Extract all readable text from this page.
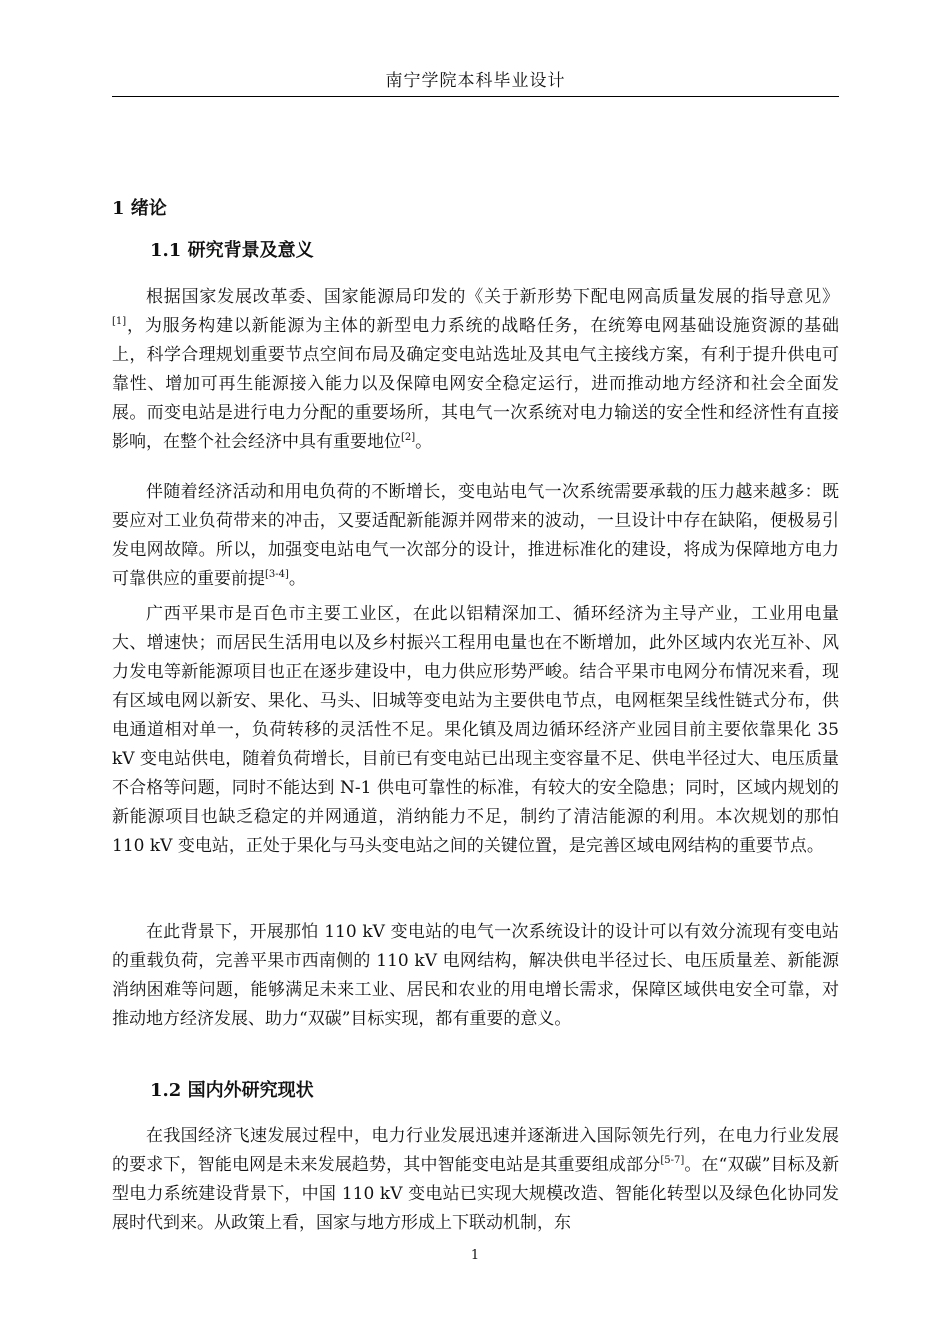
南宁学院本科毕业设计
1 绪论
1.1 研究背景及意义

根据国家发展改革委、国家能源局印发的《关于新形势下配电网高质量发展的指导意见》[1]，为服务构建以新能源为主体的新型电力系统的战略任务，在统筹电网基础设施资源的基础上，科学合理规划重要节点空间布局及确定变电站选址及其电气主接线方案，有利于提升供电可靠性、增加可再生能源接入能力以及保障电网安全稳定运行，进而推动地方经济和社会全面发展。而变电站是进行电力分配的重要场所，其电气一次系统对电力输送的安全性和经济性有直接影响，在整个社会经济中具有重要地位[2]。

伴随着经济活动和用电负荷的不断增长，变电站电气一次系统需要承载的压力越来越多：既要应对工业负荷带来的冲击，又要适配新能源并网带来的波动，一旦设计中存在缺陷，便极易引发电网故障。所以，加强变电站电气一次部分的设计，推进标准化的建设，将成为保障地方电力可靠供应的重要前提[3-4]。

广西平果市是百色市主要工业区，在此以铝精深加工、循环经济为主导产业，工业用电量大、增速快；而居民生活用电以及乡村振兴工程用电量也在不断增加，此外区域内农光互补、风力发电等新能源项目也正在逐步建设中，电力供应形势严峻。结合平果市电网分布情况来看，现有区域电网以新安、果化、马头、旧城等变电站为主要供电节点，电网框架呈线性链式分布，供电通道相对单一，负荷转移的灵活性不足。果化镇及周边循环经济产业园目前主要依靠果化 35 kV 变电站供电，随着负荷增长，目前已有变电站已出现主变容量不足、供电半径过大、电压质量不合格等问题，同时不能达到 N-1 供电可靠性的标准，有较大的安全隐患；同时，区域内规划的新能源项目也缺乏稳定的并网通道，消纳能力不足，制约了清洁能源的利用。本次规划的那怕 110 kV 变电站，正处于果化与马头变电站之间的关键位置，是完善区域电网结构的重要节点。

在此背景下，开展那怕 110 kV 变电站的电气一次系统设计的设计可以有效分流现有变电站的重载负荷，完善平果市西南侧的 110 kV 电网结构，解决供电半径过长、电压质量差、新能源消纳困难等问题，能够满足未来工业、居民和农业的用电增长需求，保障区域供电安全可靠，对推动地方经济发展、助力“双碳”目标实现，都有重要的意义。

1.2 国内外研究现状

在我国经济飞速发展过程中，电力行业发展迅速并逐渐进入国际领先行列，在电力行业发展的要求下，智能电网是未来发展趋势，其中智能变电站是其重要组成部分[5-7]。在“双碳”目标及新型电力系统建设背景下，中国 110 kV 变电站已实现大规模改造、智能化转型以及绿色化协同发展时代到来。从政策上看，国家与地方形成上下联动机制，东

1
